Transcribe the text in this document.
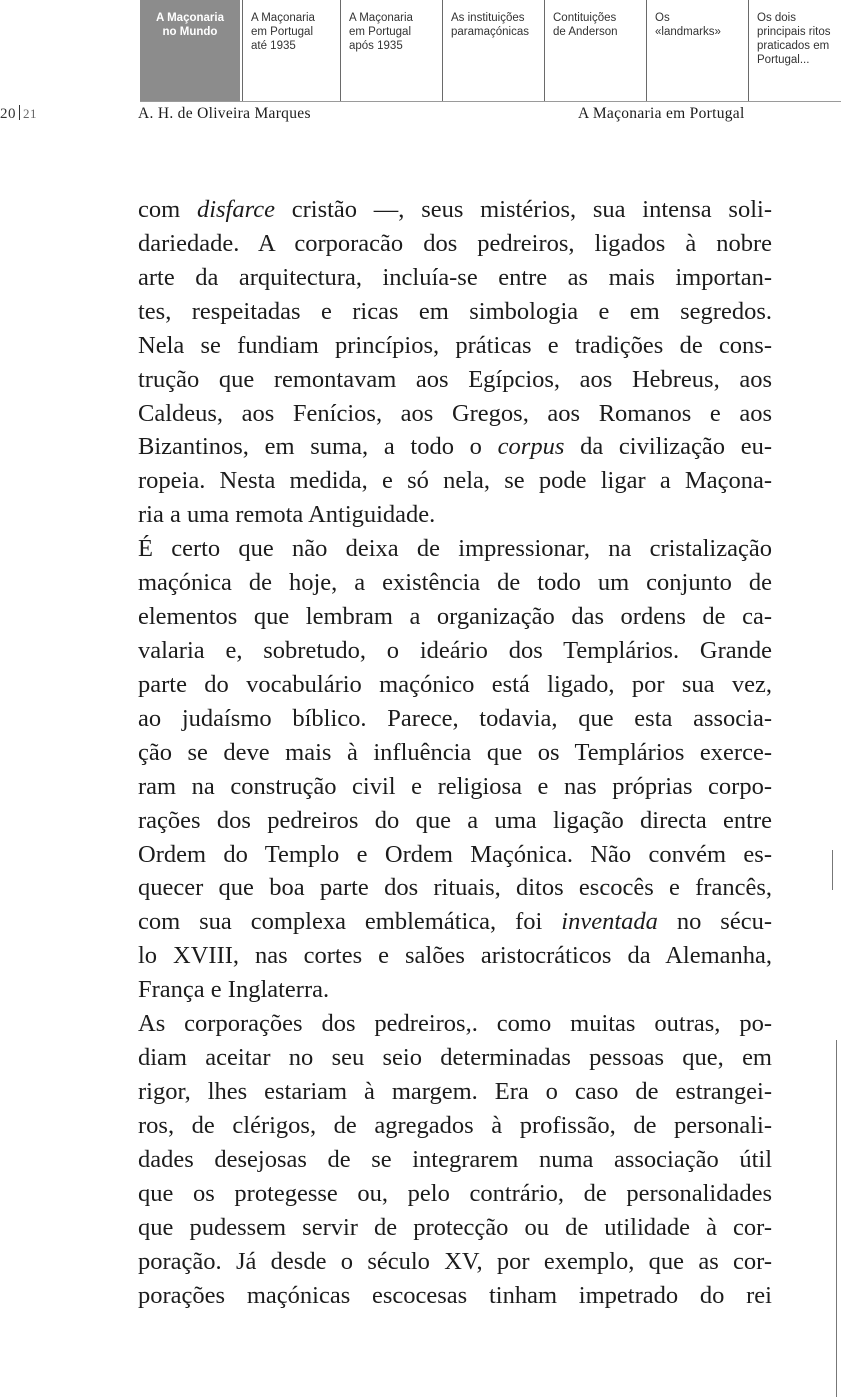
A Maçonaria
no Mundo
A Maçonaria
em Portugal
até 1935
A Maçonaria
em Portugal
após 1935
As instituições
paramaçónicas
Contituições
de Anderson
Os
«landmarks»
Os dois
principais ritos
praticados em
Portugal...
20 21	A. H. de Oliveira Marques	A Maçonaria em Portugal
com disfarce cristão —, seus mistérios, sua intensa soli-
dariedade. A corporacão dos pedreiros, ligados à nobre
arte da arquitectura, incluía-se entre as mais importan-
tes, respeitadas e ricas em simbologia e em segredos.
Nela se fundiam princípios, práticas e tradições de cons-
trução que remontavam aos Egípcios, aos Hebreus, aos
Caldeus, aos Fenícios, aos Gregos, aos Romanos e aos
Bizantinos, em suma, a todo o corpus da civilização eu-
ropeia. Nesta medida, e só nela, se pode ligar a Maçona-
ria a uma remota Antiguidade.
É certo que não deixa de impressionar, na cristalização
maçónica de hoje, a existência de todo um conjunto de
elementos que lembram a organização das ordens de ca-
valaria e, sobretudo, o ideário dos Templários. Grande
parte do vocabulário maçónico está ligado, por sua vez,
ao judaísmo bíblico. Parece, todavia, que esta associa-
ção se deve mais à influência que os Templários exerce-
ram na construção civil e religiosa e nas próprias corpo-
rações dos pedreiros do que a uma ligação directa entre
Ordem do Templo e Ordem Maçónica. Não convém es-
quecer que boa parte dos rituais, ditos escocês e francês,
com sua complexa emblemática, foi inventada no sécu-
lo XVIII, nas cortes e salões aristocráticos da Alemanha,
França e Inglaterra.
As corporações dos pedreiros,. como muitas outras, po-
diam aceitar no seu seio determinadas pessoas que, em
rigor, lhes estariam à margem. Era o caso de estrangei-
ros, de clérigos, de agregados à profissão, de personali-
dades desejosas de se integrarem numa associação útil
que os protegesse ou, pelo contrário, de personalidades
que pudessem servir de protecção ou de utilidade à cor-
poração. Já desde o século XV, por exemplo, que as cor-
porações maçónicas escocesas tinham impetrado do rei
